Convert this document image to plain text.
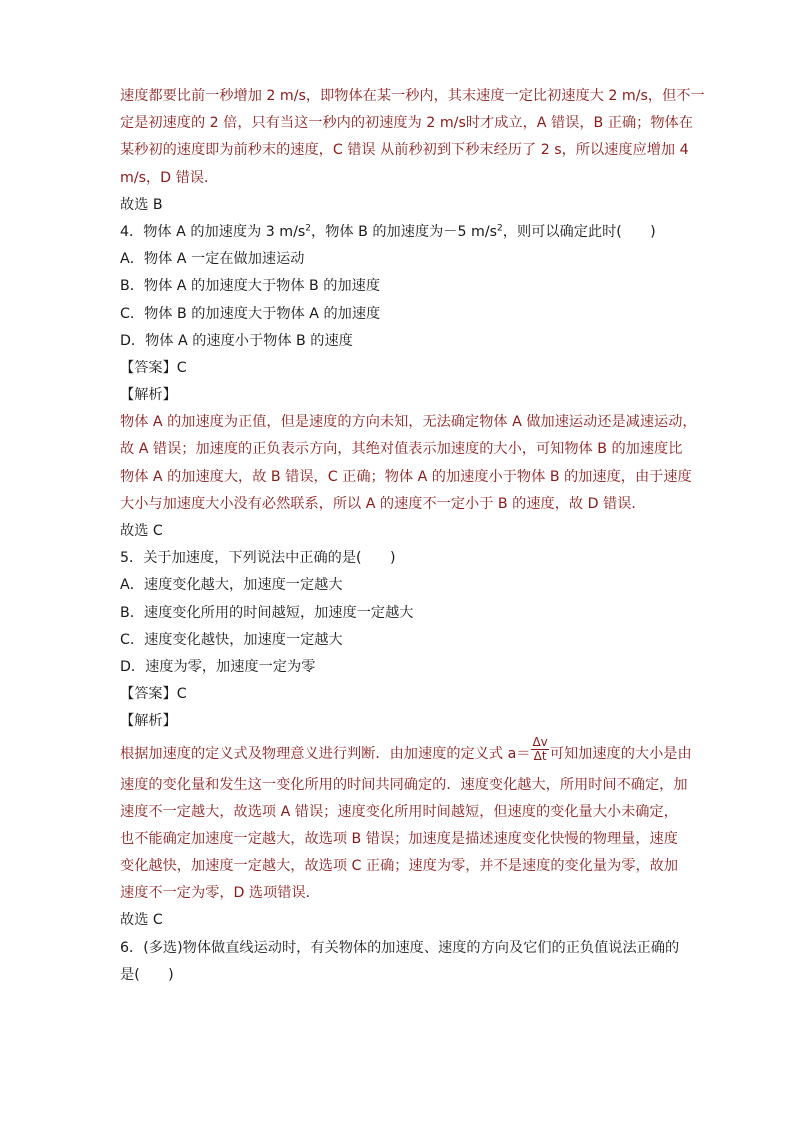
速度都要比前一秒增加 2 m/s，即物体在某一秒内，其末速度一定比初速度大 2 m/s，但不一
定是初速度的 2 倍，只有当这一秒内的初速度为 2 m/s时才成立，A 错误，B 正确；物体在
某秒初的速度即为前秒末的速度，C 错误 从前秒初到下秒末经历了 2 s，所以速度应增加 4
m/s，D 错误．
故选 B
4．物体 A 的加速度为 3 $m/s^2$，物体 B 的加速度为－5 $m/s^2$，则可以确定此时(　　)
A．物体 A 一定在做加速运动
B．物体 A 的加速度大于物体 B 的加速度
C．物体 B 的加速度大于物体 A 的加速度
D．物体 A 的速度小于物体 B 的速度
【答案】C
【解析】
物体 A 的加速度为正值，但是速度的方向未知，无法确定物体 A 做加速运动还是减速运动，
故 A 错误；加速度的正负表示方向，其绝对值表示加速度的大小，可知物体 B 的加速度比
物体 A 的加速度大，故 B 错误，C 正确；物体 A 的加速度小于物体 B 的加速度，由于速度
大小与加速度大小没有必然联系，所以 A 的速度不一定小于 B 的速度，故 D 错误．
故选 C
5．关于加速度，下列说法中正确的是(　　)
A．速度变化越大，加速度一定越大
B．速度变化所用的时间越短，加速度一定越大
C．速度变化越快，加速度一定越大
D．速度为零，加速度一定为零
【答案】C
【解析】
根据加速度的定义式及物理意义进行判断．由加速度的定义式 $a= \frac{\Delta v}{\Delta t}$ 可知加速度的大小是由
速度的变化量和发生这一变化所用的时间共同确定的．速度变化越大，所用时间不确定，加
速度不一定越大，故选项 A 错误；速度变化所用时间越短，但速度的变化量大小未确定，
也不能确定加速度一定越大，故选项 B 错误；加速度是描述速度变化快慢的物理量，速度
变化越快，加速度一定越大，故选项 C 正确；速度为零，并不是速度的变化量为零，故加
速度不一定为零，D 选项错误．
故选 C
6．(多选)物体做直线运动时，有关物体的加速度、速度的方向及它们的正负值说法正确的
是(　　)
